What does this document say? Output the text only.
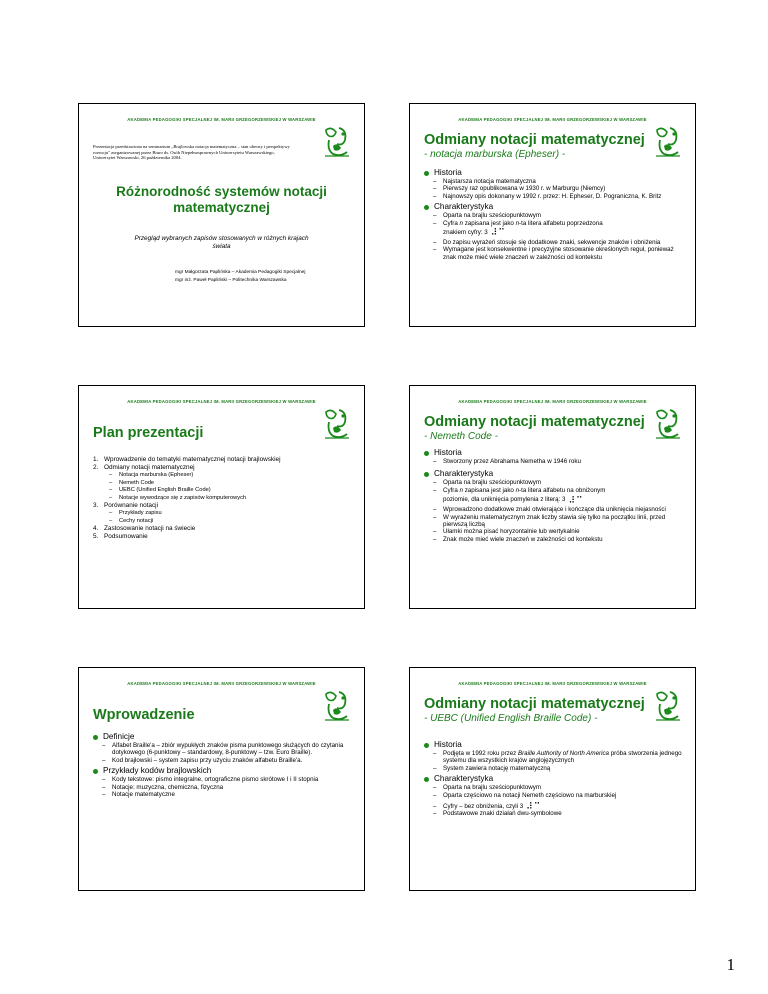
AKADEMIA PEDAGOGIKI SPECJALNEJ IM. MARII GRZEGORZEWSKIEJ W WARSZAWIE
Prezentacja przedstawiona na seminarium „Brajlowska notacja matematyczna – stan obecny i perspektywy rozwoju" zorganizowanej przez Biuro ds. Osób Niepełnosprawnych Uniwersytetu Warszawskiego, Uniwersytet Warszawski, 26 października 2004.
Różnorodność systemów notacji matematycznej
Przegląd wybranych zapisów stosowanych w różnych krajach świata
mgr Małgorzata Paplińska – Akademia Pedagogiki Specjalnej
mgr inż. Paweł Papliński – Politechnika Warszawska
AKADEMIA PEDAGOGIKI SPECJALNEJ IM. MARII GRZEGORZEWSKIEJ W WARSZAWIE
Odmiany notacji matematycznej
- notacja marburska (Epheser) -
Historia
– Najstarsza notacja matematyczna
– Pierwszy raz opublikowana w 1930 r. w Marburgu (Niemcy)
– Najnowszy opis dokonany w 1992 r. przez: H. Epheser, D. Pograniczna, K. Britz
Charakterystyka
– Oparta na brajlu sześciopunktowym
– Cyfra n zapisana jest jako n-ta litera alfabetu poprzedzona
znakiem cyfry: 3 ⠼⠉
– Do zapisu wyrażeń stosuje się dodatkowe znaki, sekwencje znaków i obniżenia
– Wymagane jest konsekwentne i precyzyjne stosowanie określonych reguł, ponieważ znak może mieć wiele znaczeń w zależności od kontekstu
AKADEMIA PEDAGOGIKI SPECJALNEJ IM. MARII GRZEGORZEWSKIEJ W WARSZAWIE
Plan prezentacji
1. Wprowadzenie do tematyki matematycznej notacji brajlowskiej
2. Odmiany notacji matematycznej
– Notacja marburska (Epheser)
– Nemeth Code
– UEBC (Unified English Braille Code)
– Notacje wywodzące się z zapisów komputerowych
3. Porównanie notacji
– Przykłady zapisu
– Cechy notacji
4. Zastosowanie notacji na świecie
5. Podsumowanie
AKADEMIA PEDAGOGIKI SPECJALNEJ IM. MARII GRZEGORZEWSKIEJ W WARSZAWIE
Odmiany notacji matematycznej
- Nemeth Code -
Historia
– Stworzony przez Abrahama Nemetha w 1946 roku
Charakterystyka
– Oparta na brajlu sześciopunktowym
– Cyfra n zapisana jest jako n-ta litera alfabetu na obniżonym
poziomie, dla uniknięcia pomylenia z literą: 3 ⠼⠉
– Wprowadzono dodatkowe znaki otwierające i kończące dla uniknięcia niejasności
– W wyrażeniu matematycznym znak liczby stawia się tylko na początku linii, przed pierwszą liczbą
– Ułamki można pisać horyzontalnie lub wertykalnie
– Znak może mieć wiele znaczeń w zależności od kontekstu
AKADEMIA PEDAGOGIKI SPECJALNEJ IM. MARII GRZEGORZEWSKIEJ W WARSZAWIE
Wprowadzenie
Definicje
– Alfabet Braille'a – zbiór wypukłych znaków pisma punktowego służących do czytania dotykowego (6-punktowy – standardowy, 8-punktowy – tzw. Euro Braille).
– Kod brajlowski – system zapisu przy użyciu znaków alfabetu Braille'a.
Przykłady kodów brajlowskich
– Kody tekstowe: pismo integralne, ortograficzne pismo skrótowe I i II stopnia
– Notacje: muzyczna, chemiczna, fizyczna
– Notacje matematyczne
AKADEMIA PEDAGOGIKI SPECJALNEJ IM. MARII GRZEGORZEWSKIEJ W WARSZAWIE
Odmiany notacji matematycznej
- UEBC (Unified English Braille Code) -
Historia
– Podjęta w 1992 roku przez Braille Authority of North America próba stworzenia jednego systemu dla wszystkich krajów anglojęzycznych
– System zawiera notację matematyczną
Charakterystyka
– Oparta na brajlu sześciopunktowym
– Oparta częściowo na notacji Nemeth częściowo na marburskiej
– Cyfry – bez obniżenia, czyli 3 ⠼⠉
– Podstawowe znaki działań dwu-symbolowe
1
